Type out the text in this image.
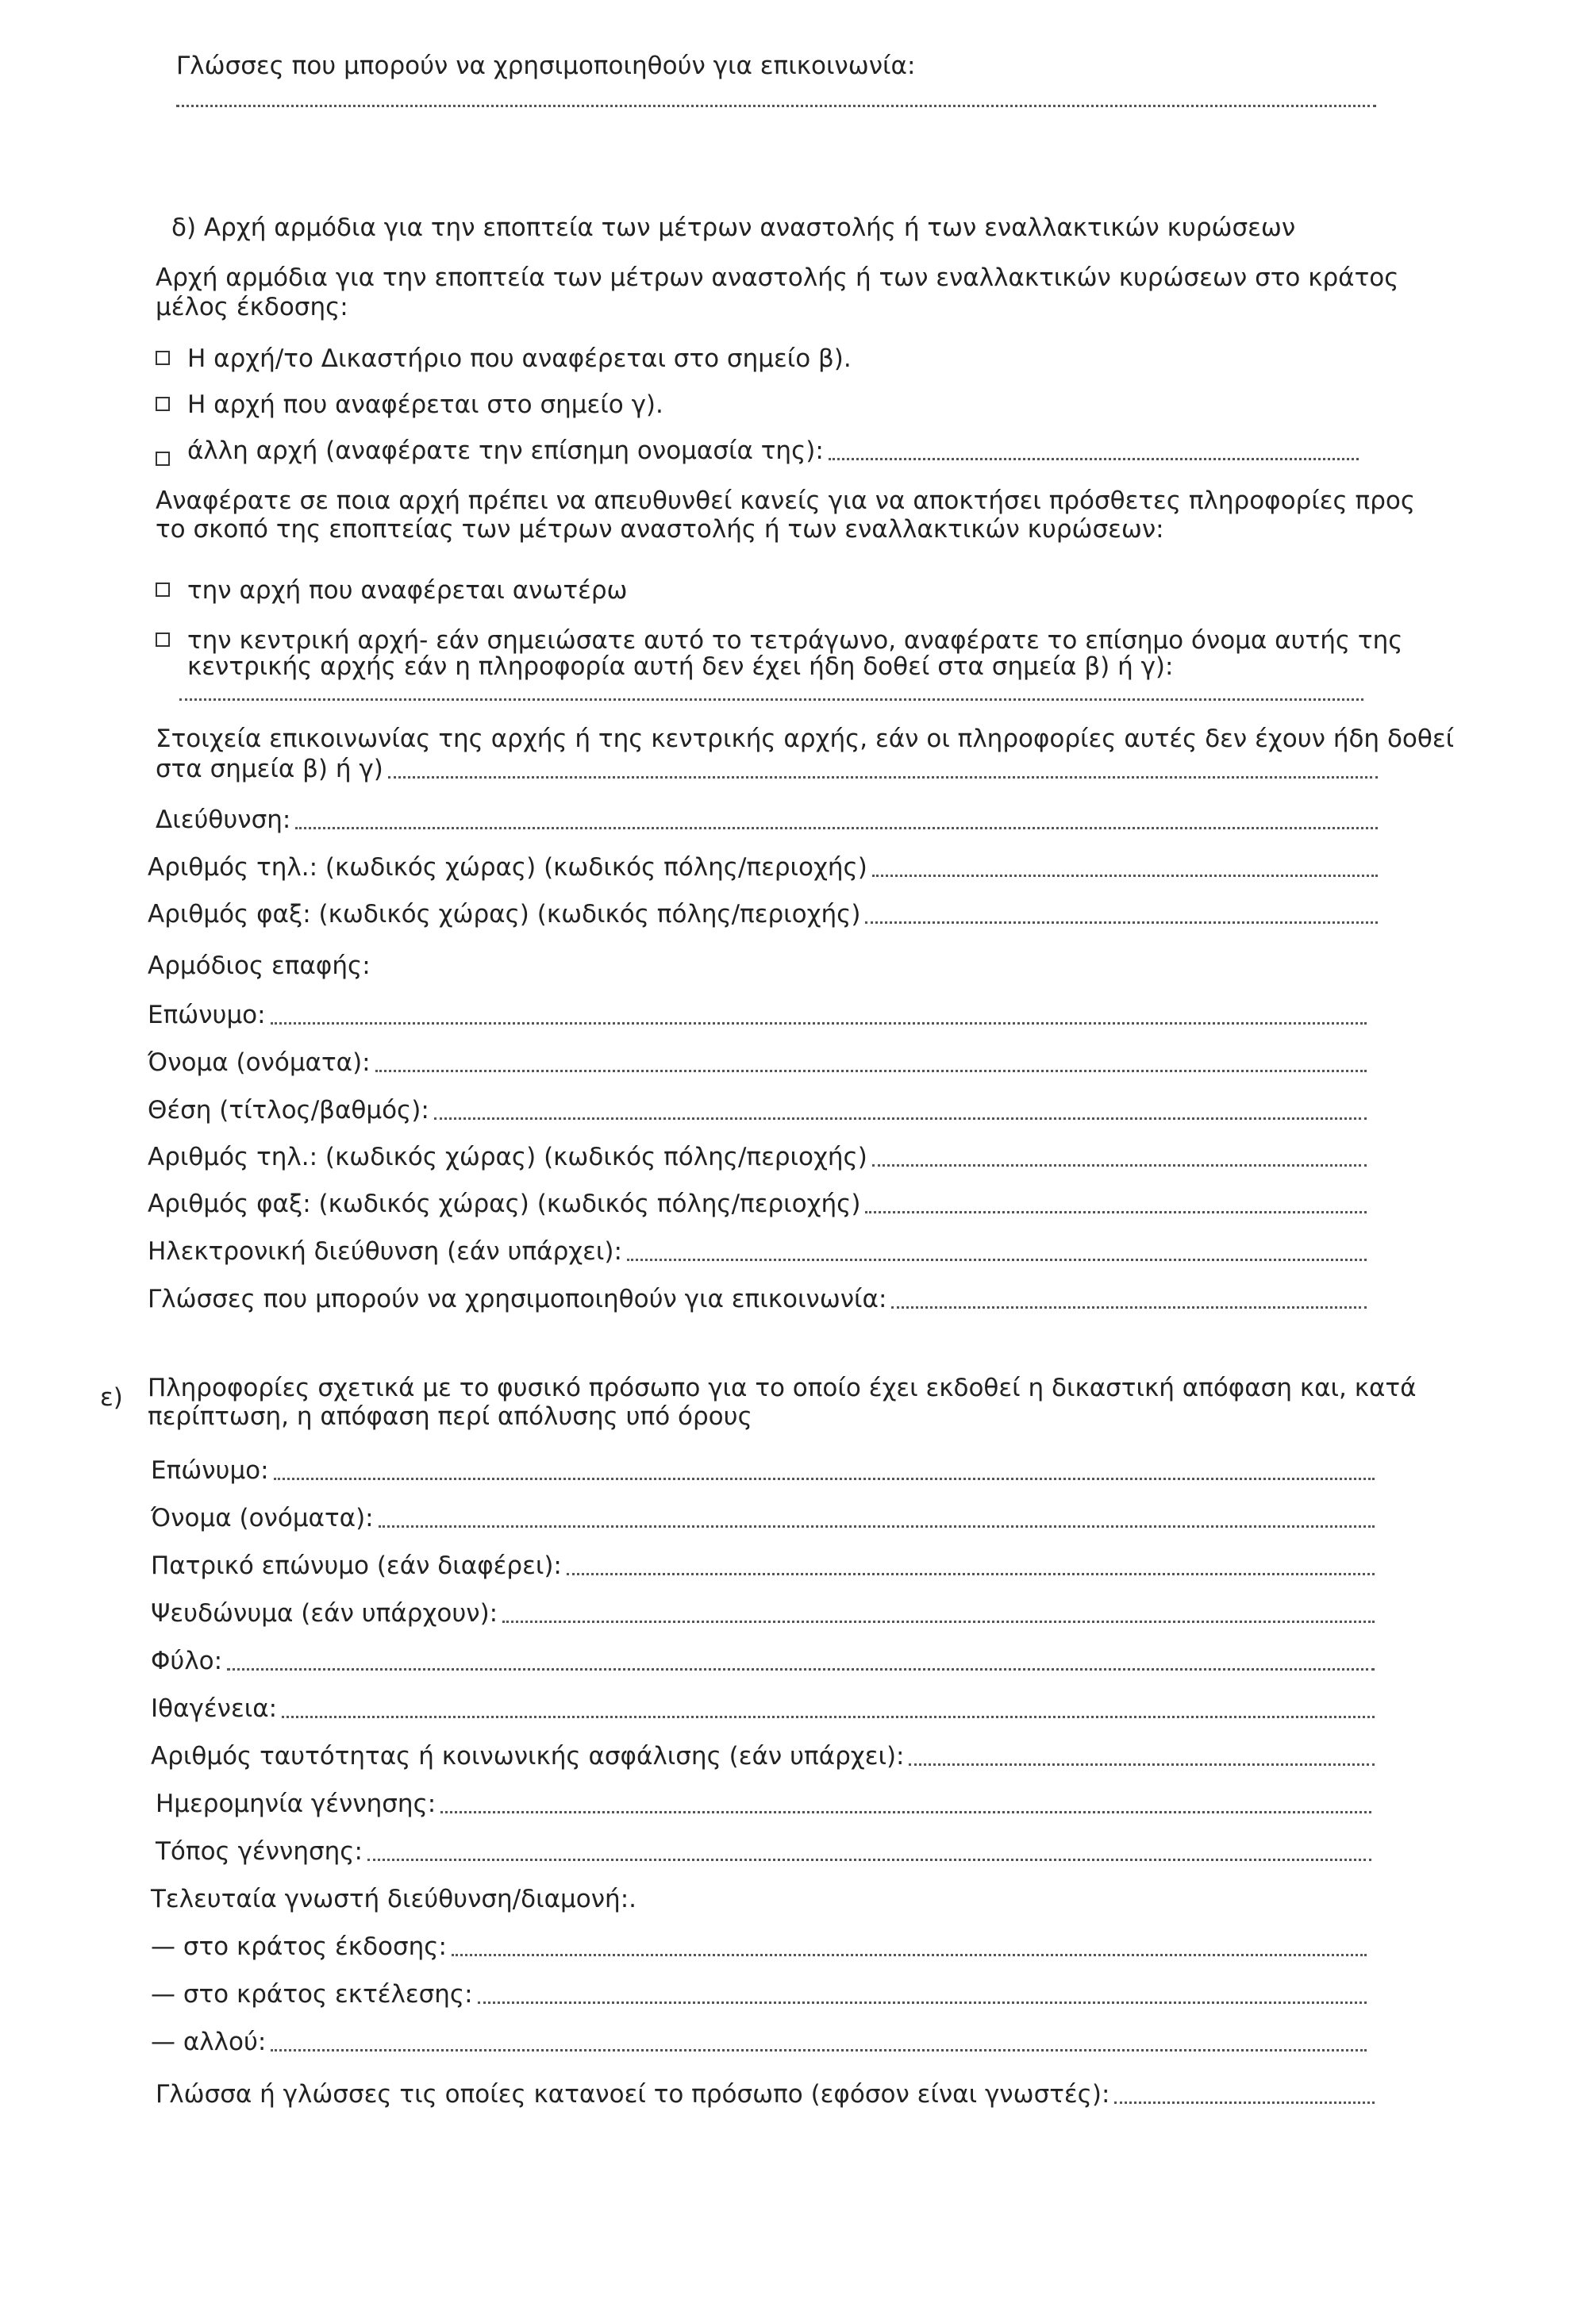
Γλώσσες που μπορούν να χρησιμοποιηθούν για επικοινωνία:
δ) Αρχή αρμόδια για την εποπτεία των μέτρων αναστολής ή των εναλλακτικών κυρώσεων
Αρχή αρμόδια για την εποπτεία των μέτρων αναστολής ή των εναλλακτικών κυρώσεων στο κράτος
μέλος έκδοσης:
Η αρχή/το Δικαστήριο που αναφέρεται στο σημείο β).
Η αρχή που αναφέρεται στο σημείο γ).
άλλη αρχή (αναφέρατε την επίσημη ονομασία της):
Αναφέρατε σε ποια αρχή πρέπει να απευθυνθεί κανείς για να αποκτήσει πρόσθετες πληροφορίες προς
το σκοπό της εποπτείας των μέτρων αναστολής ή των εναλλακτικών κυρώσεων:
την αρχή που αναφέρεται ανωτέρω
την κεντρική αρχή- εάν σημειώσατε αυτό το τετράγωνο, αναφέρατε το επίσημο όνομα αυτής της
κεντρικής αρχής εάν η πληροφορία αυτή δεν έχει ήδη δοθεί στα σημεία β) ή γ):
Στοιχεία επικοινωνίας της αρχής ή της κεντρικής αρχής, εάν οι πληροφορίες αυτές δεν έχουν ήδη δοθεί
στα σημεία β) ή γ)
Διεύθυνση:
Αριθμός τηλ.: (κωδικός χώρας) (κωδικός πόλης/περιοχής)
Αριθμός φαξ: (κωδικός χώρας) (κωδικός πόλης/περιοχής)
Αρμόδιος επαφής:
Επώνυμο:
Όνομα (ονόματα):
Θέση (τίτλος/βαθμός):
Αριθμός τηλ.: (κωδικός χώρας) (κωδικός πόλης/περιοχής)
Αριθμός φαξ: (κωδικός χώρας) (κωδικός πόλης/περιοχής)
Ηλεκτρονική διεύθυνση (εάν υπάρχει):
Γλώσσες που μπορούν να χρησιμοποιηθούν για επικοινωνία:
ε) Πληροφορίες σχετικά με το φυσικό πρόσωπο για το οποίο έχει εκδοθεί η δικαστική απόφαση και, κατά
περίπτωση, η απόφαση περί απόλυσης υπό όρους
Επώνυμο:
Όνομα (ονόματα):
Πατρικό επώνυμο (εάν διαφέρει):
Ψευδώνυμα (εάν υπάρχουν):
Φύλο:
Ιθαγένεια:
Αριθμός ταυτότητας ή κοινωνικής ασφάλισης (εάν υπάρχει):
Ημερομηνία γέννησης:
Τόπος γέννησης:
Τελευταία γνωστή διεύθυνση/διαμονή:.
— στο κράτος έκδοσης:
— στο κράτος εκτέλεσης:
— αλλού:
Γλώσσα ή γλώσσες τις οποίες κατανοεί το πρόσωπο (εφόσον είναι γνωστές):
